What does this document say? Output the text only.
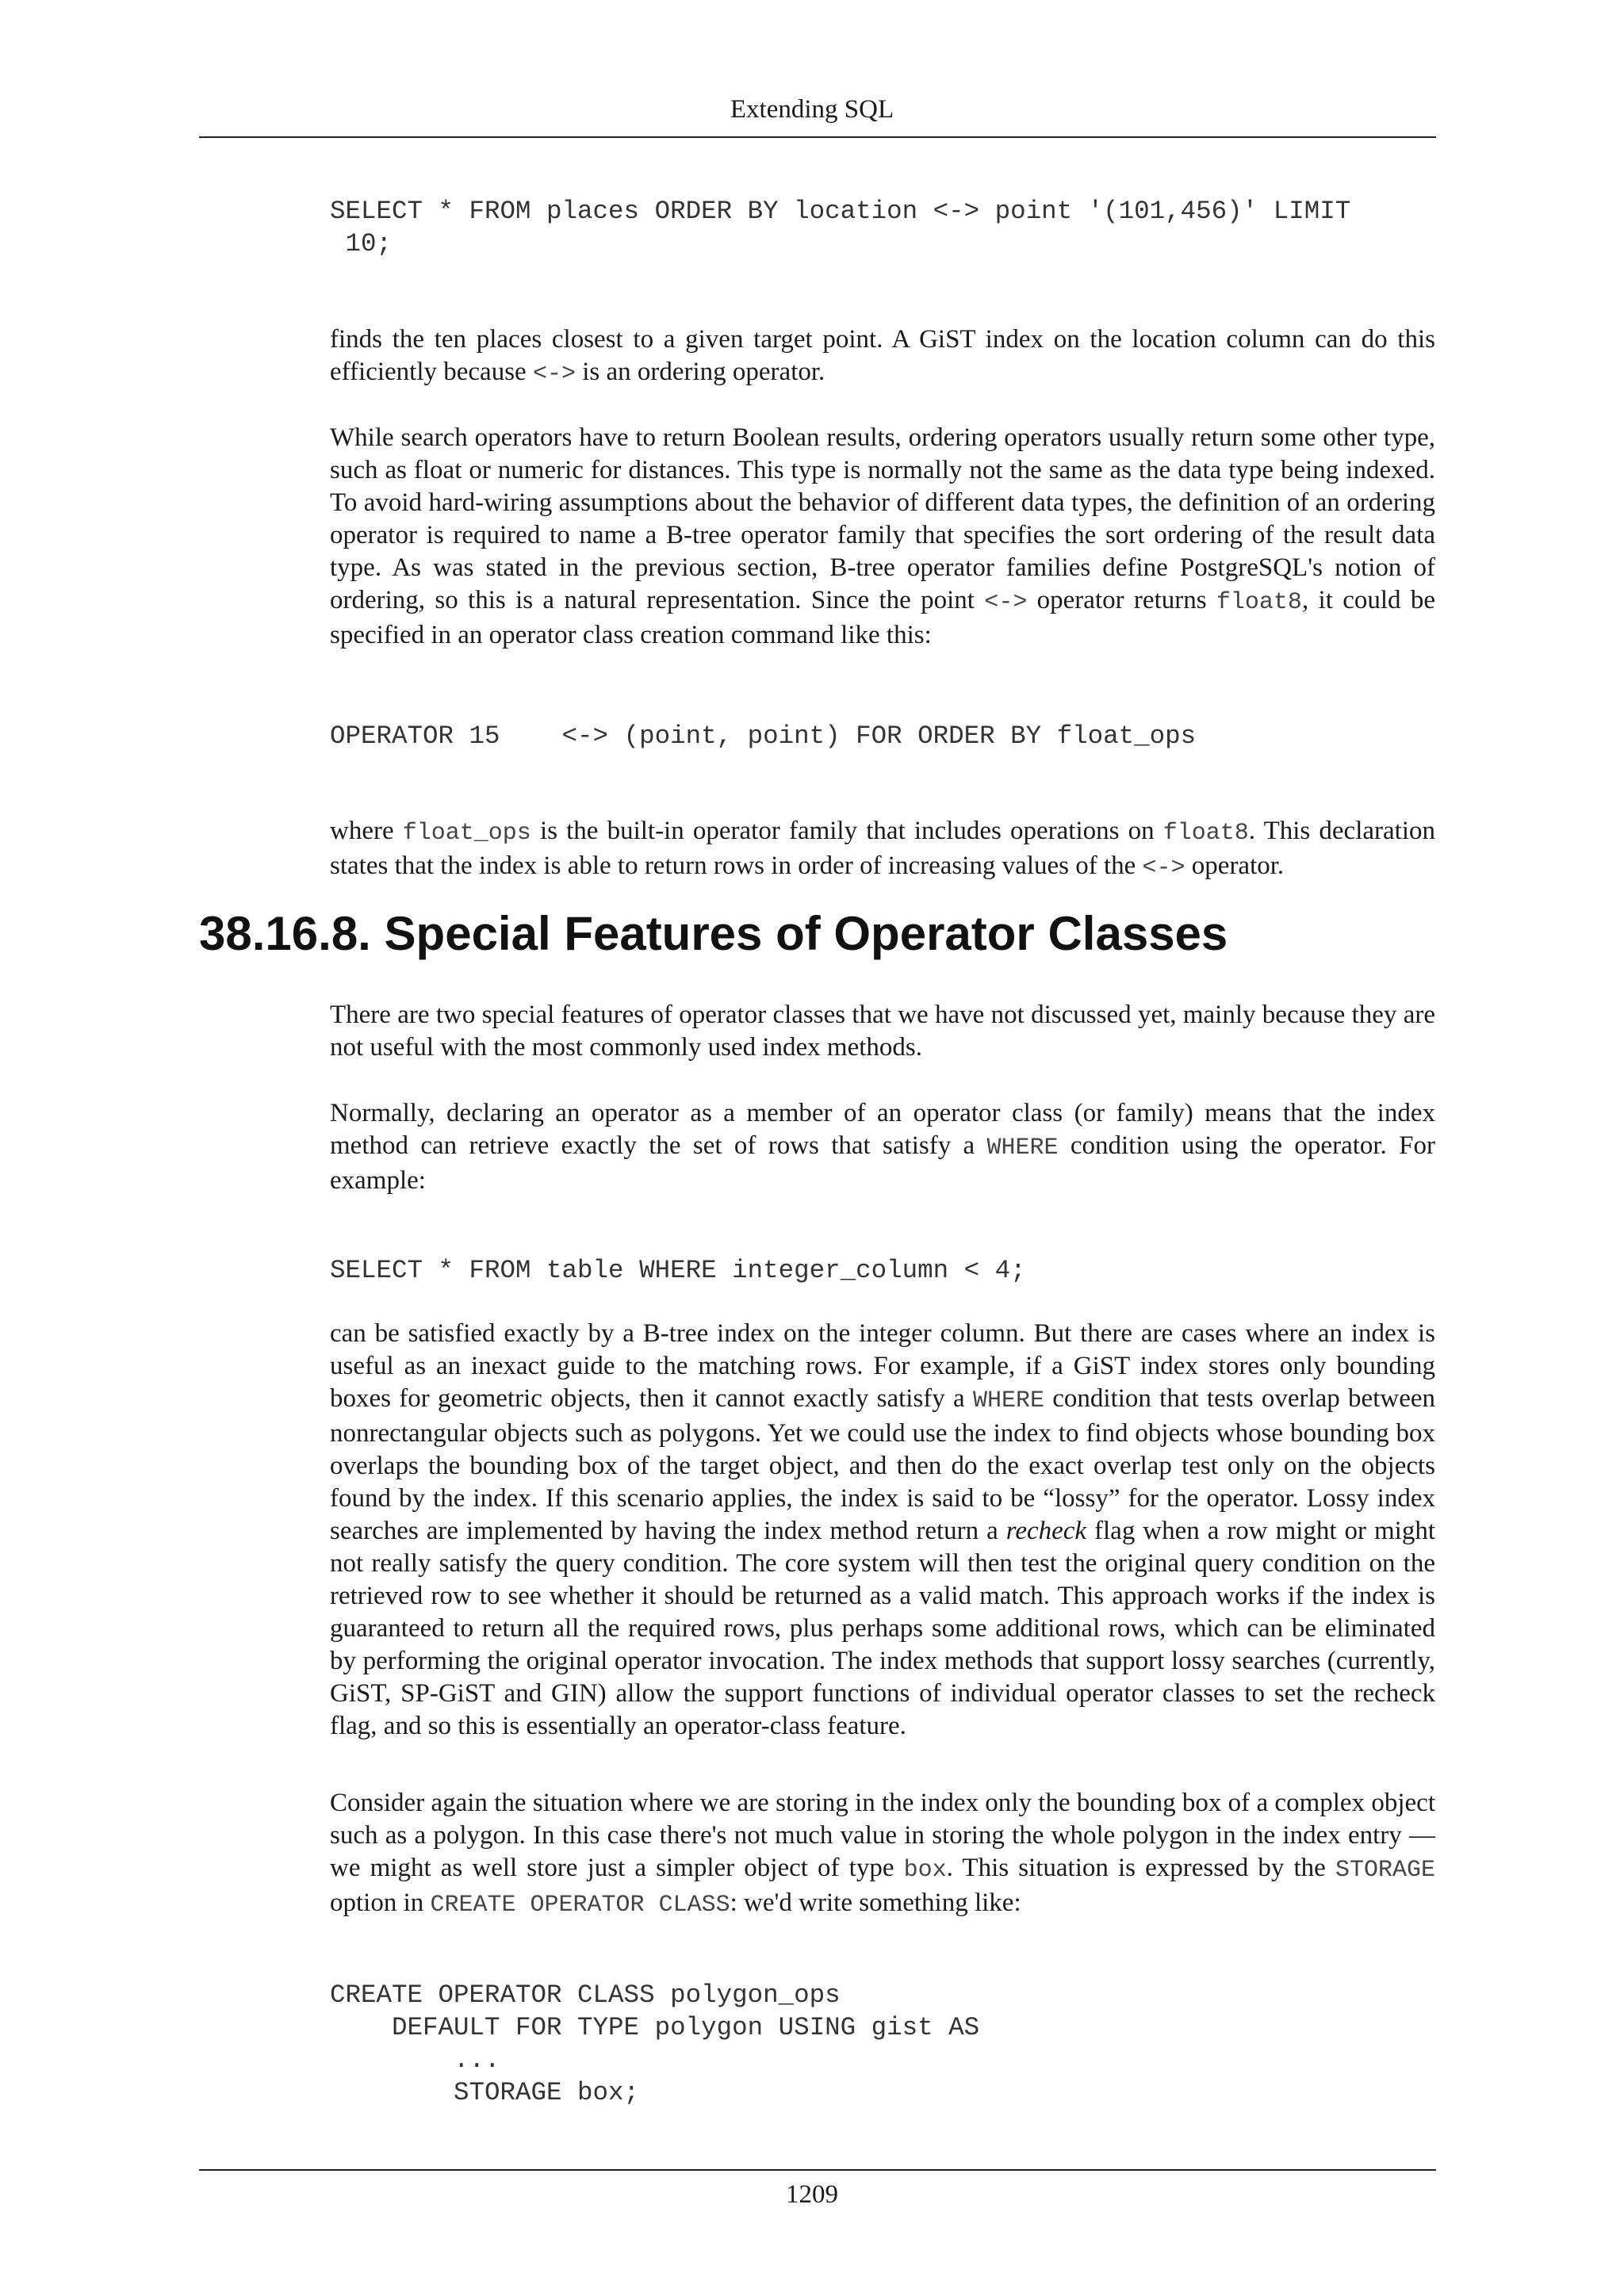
Extending SQL
SELECT * FROM places ORDER BY location <-> point '(101,456)' LIMIT
10;

finds the ten places closest to a given target point. A GiST index on the location column can do this efficiently because <-> is an ordering operator.

While search operators have to return Boolean results, ordering operators usually return some other type, such as float or numeric for distances. This type is normally not the same as the data type being indexed. To avoid hard-wiring assumptions about the behavior of different data types, the definition of an ordering operator is required to name a B-tree operator family that specifies the sort ordering of the result data type. As was stated in the previous section, B-tree operator families define PostgreSQL's notion of ordering, so this is a natural representation. Since the point <-> operator returns float8, it could be specified in an operator class creation command like this:

OPERATOR 15    <-> (point, point) FOR ORDER BY float_ops

where float_ops is the built-in operator family that includes operations on float8. This declaration states that the index is able to return rows in order of increasing values of the <-> operator.

38.16.8. Special Features of Operator Classes

There are two special features of operator classes that we have not discussed yet, mainly because they are not useful with the most commonly used index methods.

Normally, declaring an operator as a member of an operator class (or family) means that the index method can retrieve exactly the set of rows that satisfy a WHERE condition using the operator. For example:

SELECT * FROM table WHERE integer_column < 4;

can be satisfied exactly by a B-tree index on the integer column. But there are cases where an index is useful as an inexact guide to the matching rows. For example, if a GiST index stores only bounding boxes for geometric objects, then it cannot exactly satisfy a WHERE condition that tests overlap between nonrectangular objects such as polygons. Yet we could use the index to find objects whose bounding box overlaps the bounding box of the target object, and then do the exact overlap test only on the objects found by the index. If this scenario applies, the index is said to be “lossy” for the operator. Lossy index searches are implemented by having the index method return a recheck flag when a row might or might not really satisfy the query condition. The core system will then test the original query condition on the retrieved row to see whether it should be returned as a valid match. This approach works if the index is guaranteed to return all the required rows, plus perhaps some additional rows, which can be eliminated by performing the original operator invocation. The index methods that support lossy searches (currently, GiST, SP-GiST and GIN) allow the support functions of individual operator classes to set the recheck flag, and so this is essentially an operator-class feature.

Consider again the situation where we are storing in the index only the bounding box of a complex object such as a polygon. In this case there's not much value in storing the whole polygon in the index entry — we might as well store just a simpler object of type box. This situation is expressed by the STORAGE option in CREATE OPERATOR CLASS: we'd write something like:

CREATE OPERATOR CLASS polygon_ops
DEFAULT FOR TYPE polygon USING gist AS
...
STORAGE box;
1209
